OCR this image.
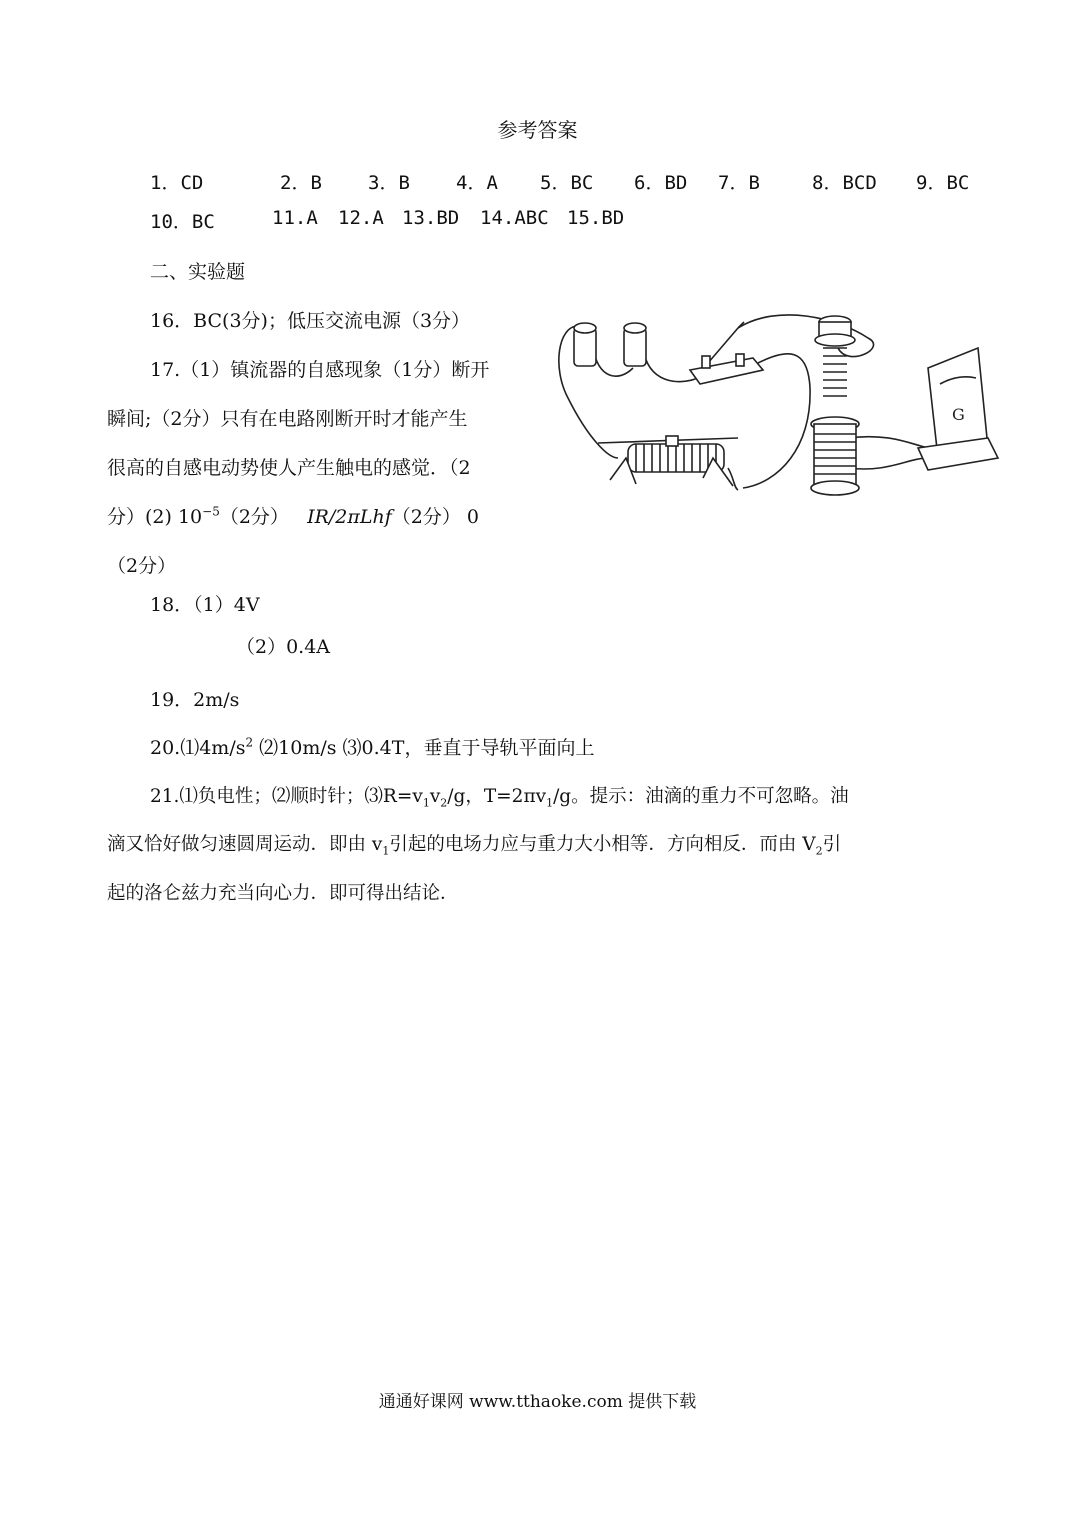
参考答案
1．CD	2．B 3．B 4．A 5．BC 6．BD 7．B	8．BCD 9．BC
10．BC	11.A 12.A 13.BD 14.ABC 15.BD
二、实验题
16．BC(3分)；低压交流电源（3分）
17.（1）镇流器的自感现象（1分）断开
瞬间;（2分）只有在电路刚断开时才能产生
很高的自感电动势使人产生触电的感觉．（2
分）(2) $10^{-5}(2$分） IR/2πLhf（2分） 0
（2分）
18．（1）4V
（2）0.4A
19．2m/s
$20.⑴4m/s^2$ ⑵10m/s ⑶0.4T，垂直于导轨平面向上
21.⑴负电性；⑵顺时针；$⑶R=v_1v_2/g$，$T=2\pi v_1/g$。提示：油滴的重力不可忽略。油
滴又恰好做匀速圆周运动．即由 $v_1$引起的电场力应与重力大小相等．方向相反．而由 $V_2$引
起的洛仑兹力充当向心力．即可得出结论．
G
通通好课网 www.tthaoke.com 提供下载
